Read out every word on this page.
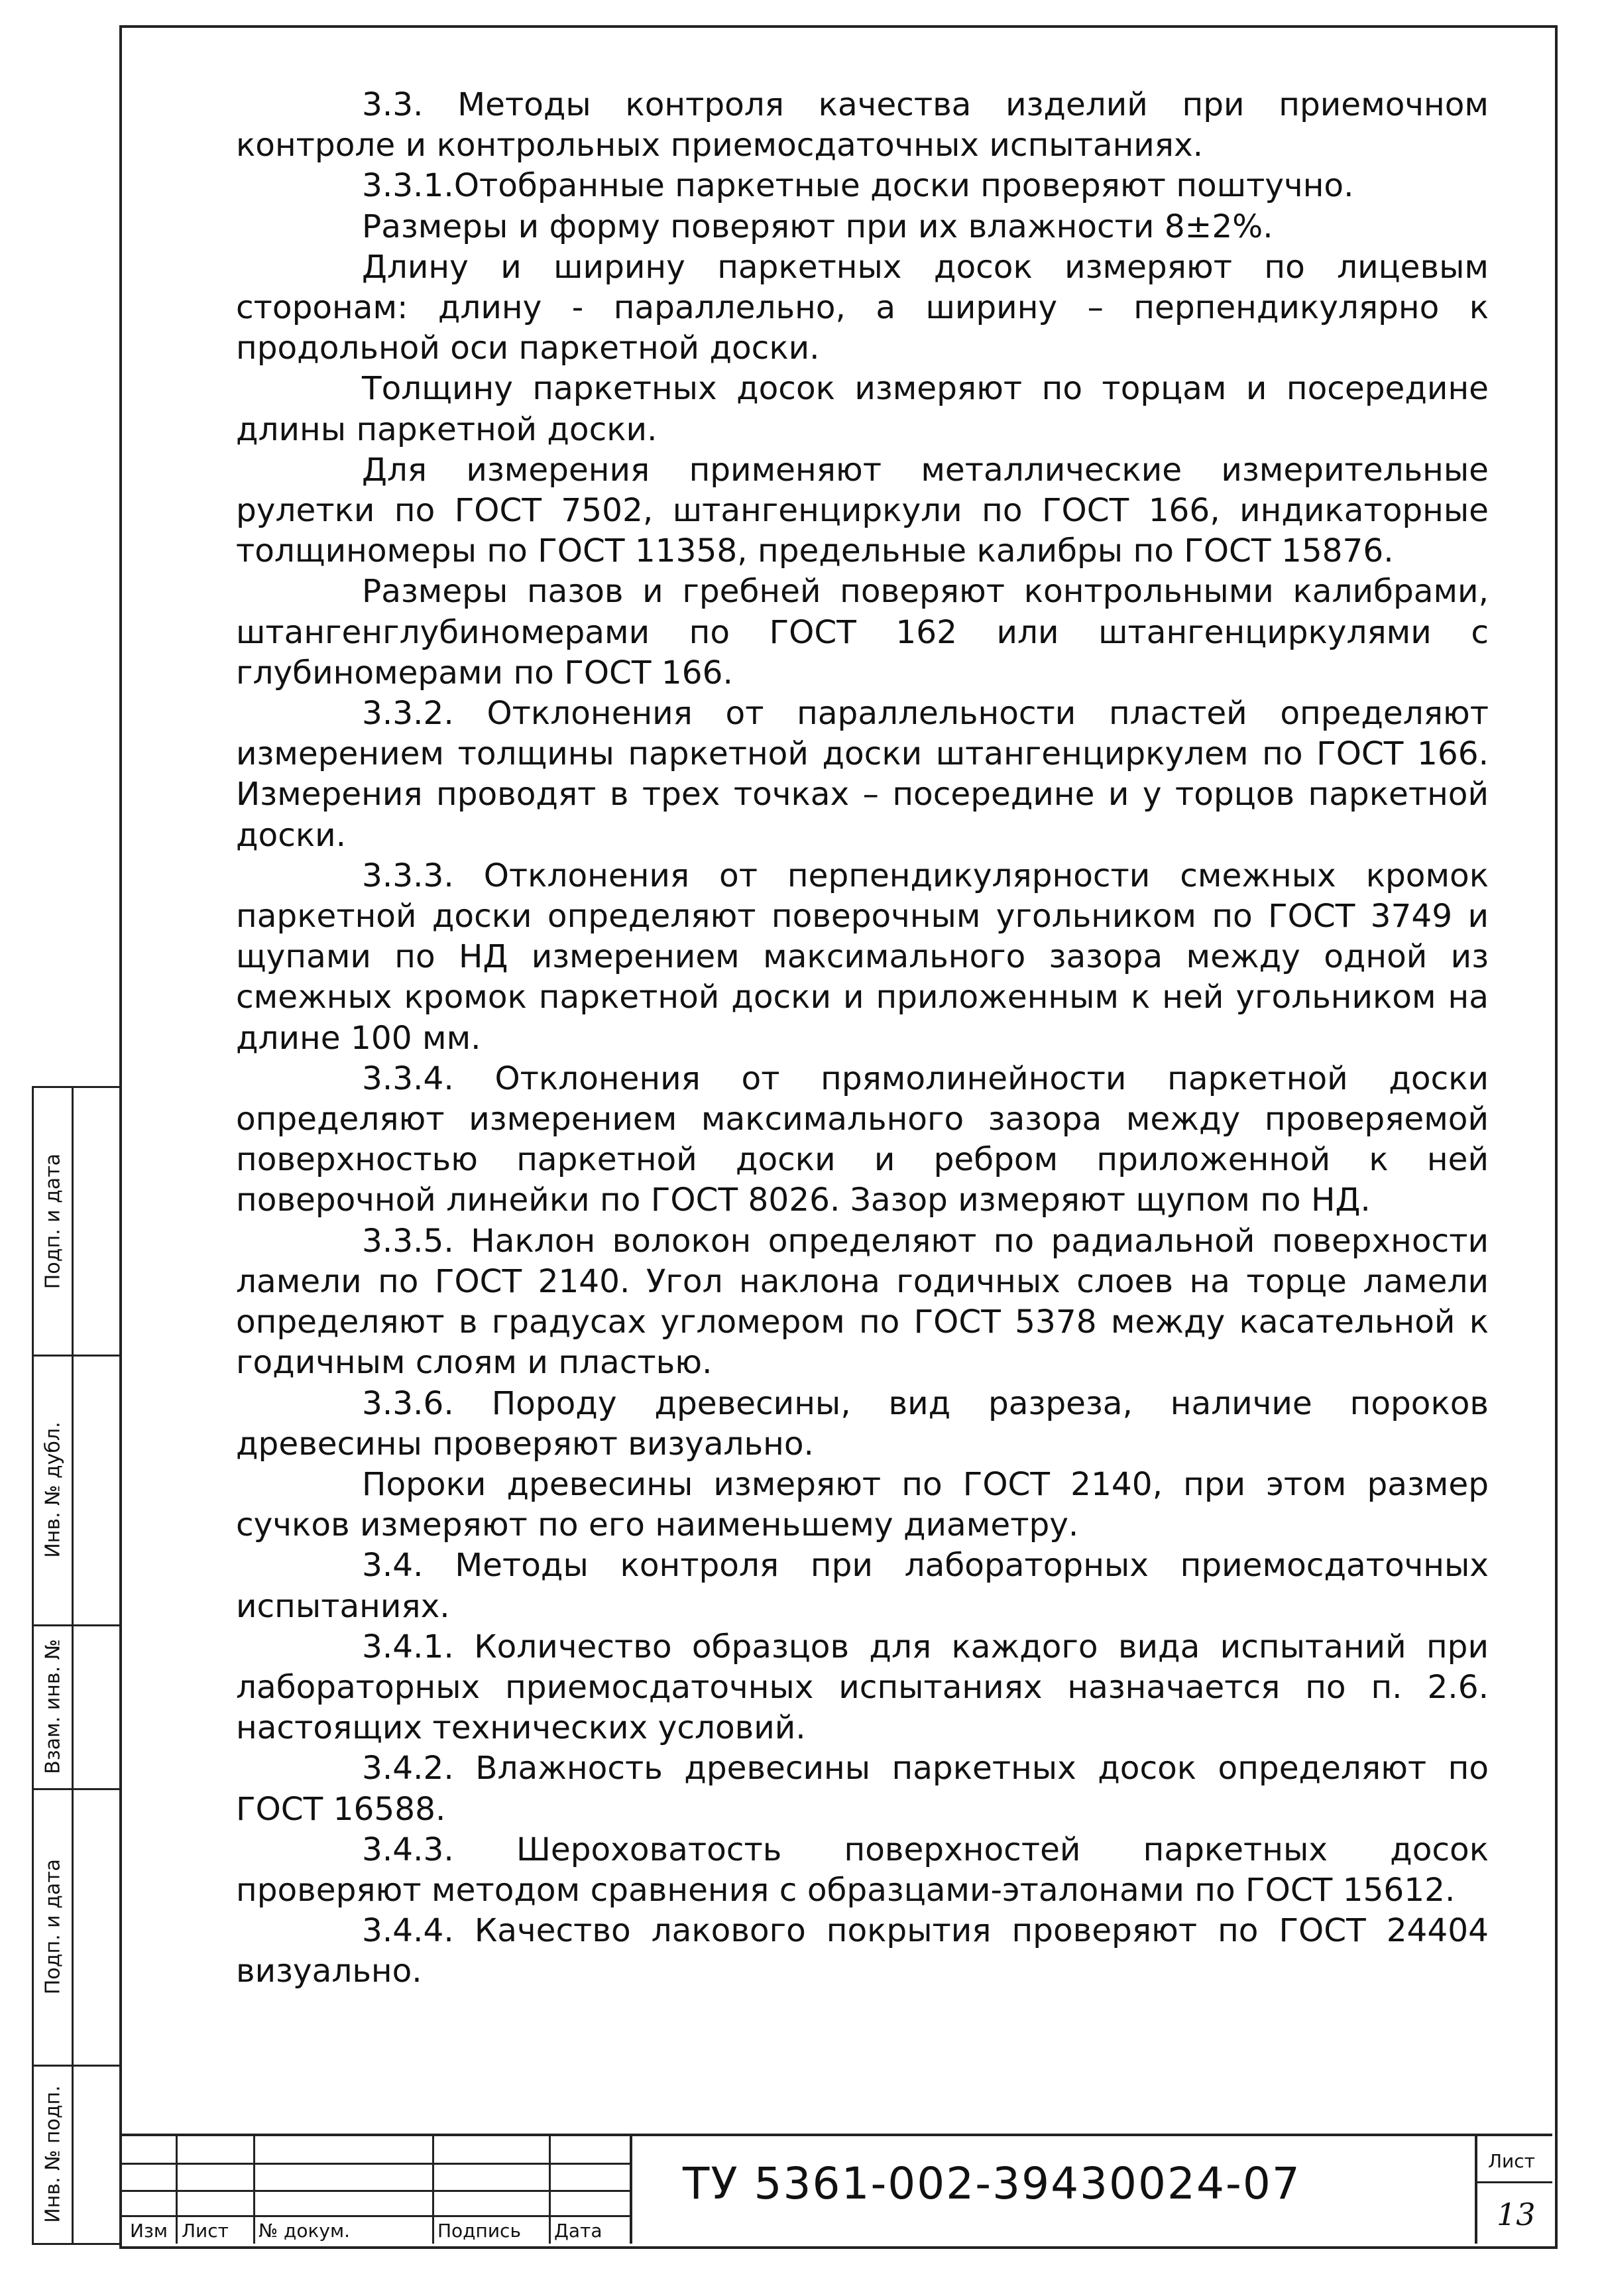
3.3. Методы контроля качества изделий при приемочном

контроле и контрольных приемосдаточных испытаниях.

3.3.1.Отобранные паркетные доски проверяют поштучно.

Размеры и форму поверяют при их влажности 8±2%.

Длину и ширину паркетных досок измеряют по лицевым

сторонам: длину - параллельно, а ширину – перпендикулярно к

продольной оси паркетной доски.

Толщину паркетных досок измеряют по торцам и посередине

длины паркетной доски.

Для измерения применяют металлические измерительные

рулетки по ГОСТ 7502, штангенциркули по ГОСТ 166, индикаторные

толщиномеры по ГОСТ 11358, предельные калибры по ГОСТ 15876.

Размеры пазов и гребней поверяют контрольными калибрами,

штангенглубиномерами по ГОСТ 162 или штангенциркулями с

глубиномерами по ГОСТ 166.

3.3.2. Отклонения от параллельности пластей определяют

измерением толщины паркетной доски штангенциркулем по ГОСТ 166.

Измерения проводят в трех точках – посередине и у торцов паркетной

доски.

3.3.3. Отклонения от перпендикулярности смежных кромок

паркетной доски определяют поверочным угольником по ГОСТ 3749 и

щупами по НД измерением максимального зазора между одной из

смежных кромок паркетной доски и приложенным к ней угольником на

длине 100 мм.

3.3.4. Отклонения от прямолинейности паркетной доски

определяют измерением максимального зазора между проверяемой

поверхностью паркетной доски и ребром приложенной к ней

поверочной линейки по ГОСТ 8026. Зазор измеряют щупом по НД.

3.3.5. Наклон волокон определяют по радиальной поверхности

ламели по ГОСТ 2140. Угол наклона годичных слоев на торце ламели

определяют в градусах угломером по ГОСТ 5378 между касательной к

годичным слоям и пластью.

3.3.6. Породу древесины, вид разреза, наличие пороков

древесины проверяют визуально.

Пороки древесины измеряют по ГОСТ 2140, при этом размер

сучков измеряют по его наименьшему диаметру.

3.4. Методы контроля при лабораторных приемосдаточных

испытаниях.

3.4.1. Количество образцов для каждого вида испытаний при

лабораторных приемосдаточных испытаниях назначается по п. 2.6.

настоящих технических условий.

3.4.2. Влажность древесины паркетных досок определяют по

ГОСТ 16588.

3.4.3. Шероховатость поверхностей паркетных досок

проверяют методом сравнения с образцами-эталонами по ГОСТ 15612.

3.4.4. Качество лакового покрытия проверяют по ГОСТ 24404

визуально.

Подп. и дата
Инв. № дубл.
Взам. инв. №
Подп. и дата
Инв. № подп.
Изм Лист № докум.	Подпись Дата
ТУ 5361-002-39430024-07	Лист
13
